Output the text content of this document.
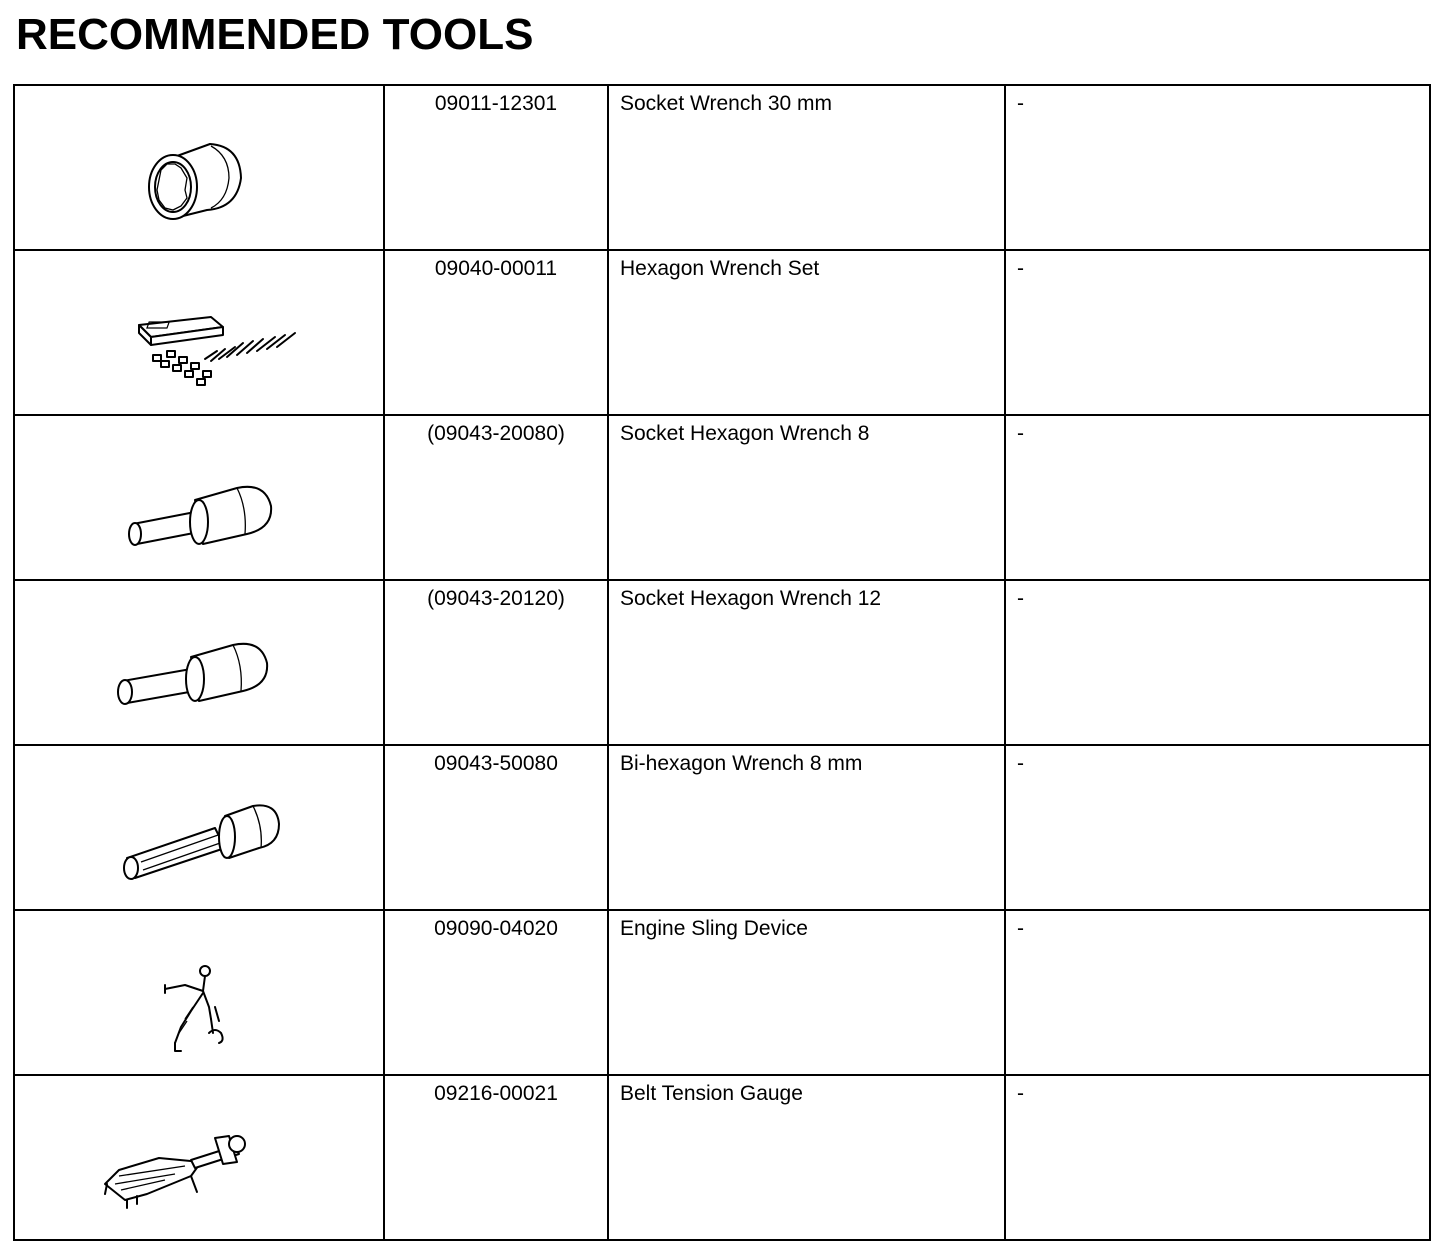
RECOMMENDED TOOLS
	09011-12301	Socket Wrench 30 mm	-

	09040-00011	Hexagon Wrench Set	-

	(09043-20080)	Socket Hexagon Wrench 8	-

	(09043-20120)	Socket Hexagon Wrench 12	-

	09043-50080	Bi-hexagon Wrench 8 mm	-

	09090-04020	Engine Sling Device	-

	09216-00021	Belt Tension Gauge	-
